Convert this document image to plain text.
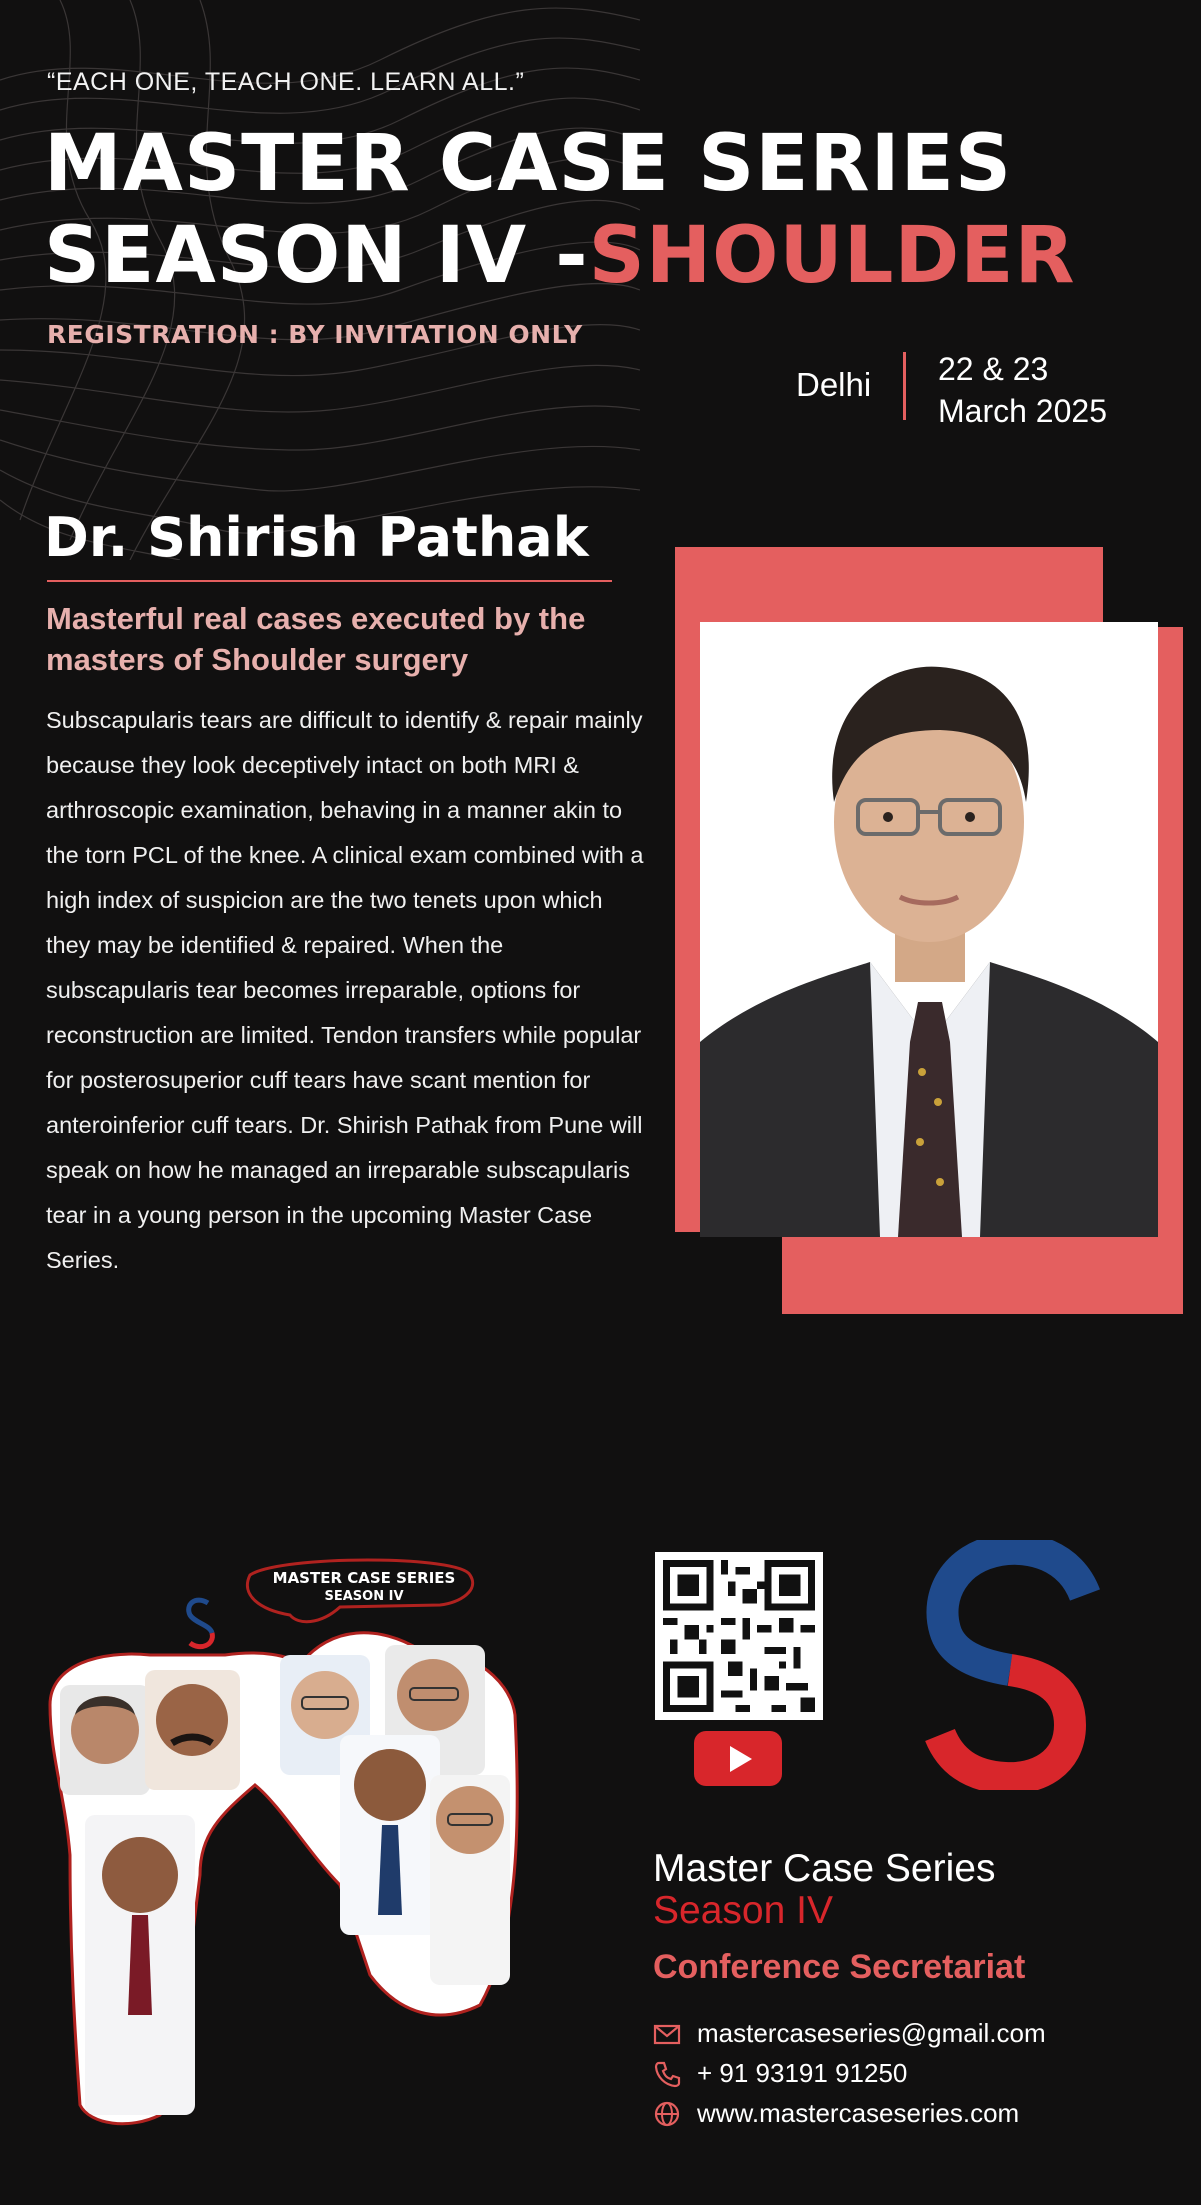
“EACH ONE, TEACH ONE. LEARN ALL.”
MASTER CASE SERIES
SEASON IV -SHOULDER
REGISTRATION : BY INVITATION ONLY
Delhi 22 & 23
March 2025
Dr. Shirish Pathak
Masterful real cases executed by the masters of Shoulder surgery
Subscapularis tears are difficult to identify & repair mainly because they look deceptively intact on both MRI & arthroscopic examination, behaving in a manner akin to the torn PCL of the knee. A clinical exam combined with a high index of suspicion are the two tenets upon which they may be identified & repaired. When the subscapularis tear becomes irreparable, options for reconstruction are limited. Tendon transfers while popular for posterosuperior cuff tears have scant mention for anteroinferior cuff tears. Dr. Shirish Pathak from Pune will speak on how he managed an irreparable subscapularis tear in a young person in the upcoming Master Case Series.
MASTER CASE SERIES
SEASON IV
Master Case Series
Season IV
Conference Secretariat
mastercaseseries@gmail.com
+ 91 93191 91250
www.mastercaseseries.com
